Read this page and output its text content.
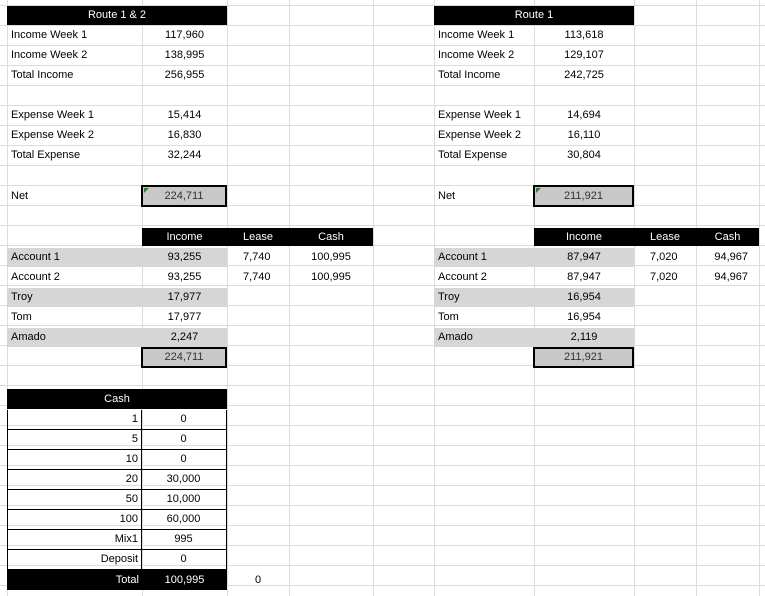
Route 1 & 2
Income Week 1	117,960
Income Week 2	138,995
Total Income	256,955
Expense Week 1	15,414
Expense Week 2	16,830
Total Expense	32,244
Net	224,711
Income	Lease	Cash
Account 1	93,255	7,740	100,995
Account 2	93,255	7,740	100,995
Troy	17,977
Tom	17,977
Amado	2,247
224,711
Route 1
Income Week 1	113,618
Income Week 2	129,107
Total Income	242,725
Expense Week 1	14,694
Expense Week 2	16,110
Total Expense	30,804
Net	211,921
Income	Lease	Cash
Account 1	87,947	7,020	94,967
Account 2	87,947	7,020	94,967
Troy	16,954
Tom	16,954
Amado	2,119
211,921
Cash
1	0
5	0
10	0
20	30,000
50	10,000
100	60,000
Mix1	995
Deposit	0
Total	100,995	0
